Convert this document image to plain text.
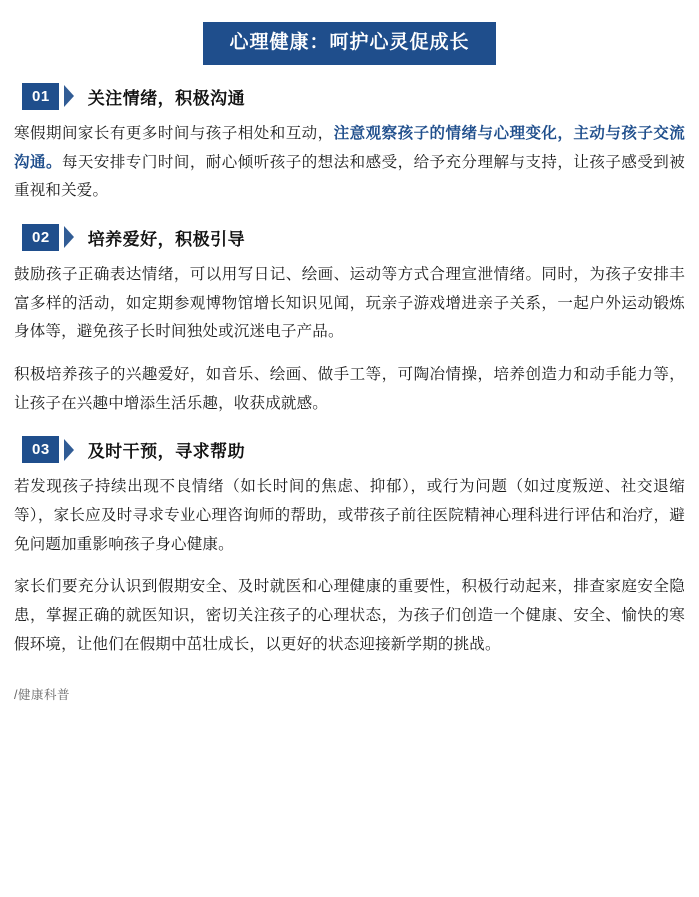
心理健康：呵护心灵促成长
01	关注情绪，积极沟通

寒假期间家长有更多时间与孩子相处和互动，注意观察孩子的情绪与心理变化，主动与孩子交流沟通。每天安排专门时间，耐心倾听孩子的想法和感受，给予充分理解与支持，让孩子感受到被重视和关爱。

02	培养爱好，积极引导

鼓励孩子正确表达情绪，可以用写日记、绘画、运动等方式合理宣泄情绪。同时，为孩子安排丰富多样的活动，如定期参观博物馆增长知识见闻，玩亲子游戏增进亲子关系，一起户外运动锻炼身体等，避免孩子长时间独处或沉迷电子产品。

积极培养孩子的兴趣爱好，如音乐、绘画、做手工等，可陶冶情操，培养创造力和动手能力等，让孩子在兴趣中增添生活乐趣，收获成就感。

03	及时干预，寻求帮助

若发现孩子持续出现不良情绪（如长时间的焦虑、抑郁），或行为问题（如过度叛逆、社交退缩等），家长应及时寻求专业心理咨询师的帮助，或带孩子前往医院精神心理科进行评估和治疗，避免问题加重影响孩子身心健康。

家长们要充分认识到假期安全、及时就医和心理健康的重要性，积极行动起来，排查家庭安全隐患，掌握正确的就医知识，密切关注孩子的心理状态，为孩子们创造一个健康、安全、愉快的寒假环境，让他们在假期中茁壮成长，以更好的状态迎接新学期的挑战。

/健康科普
